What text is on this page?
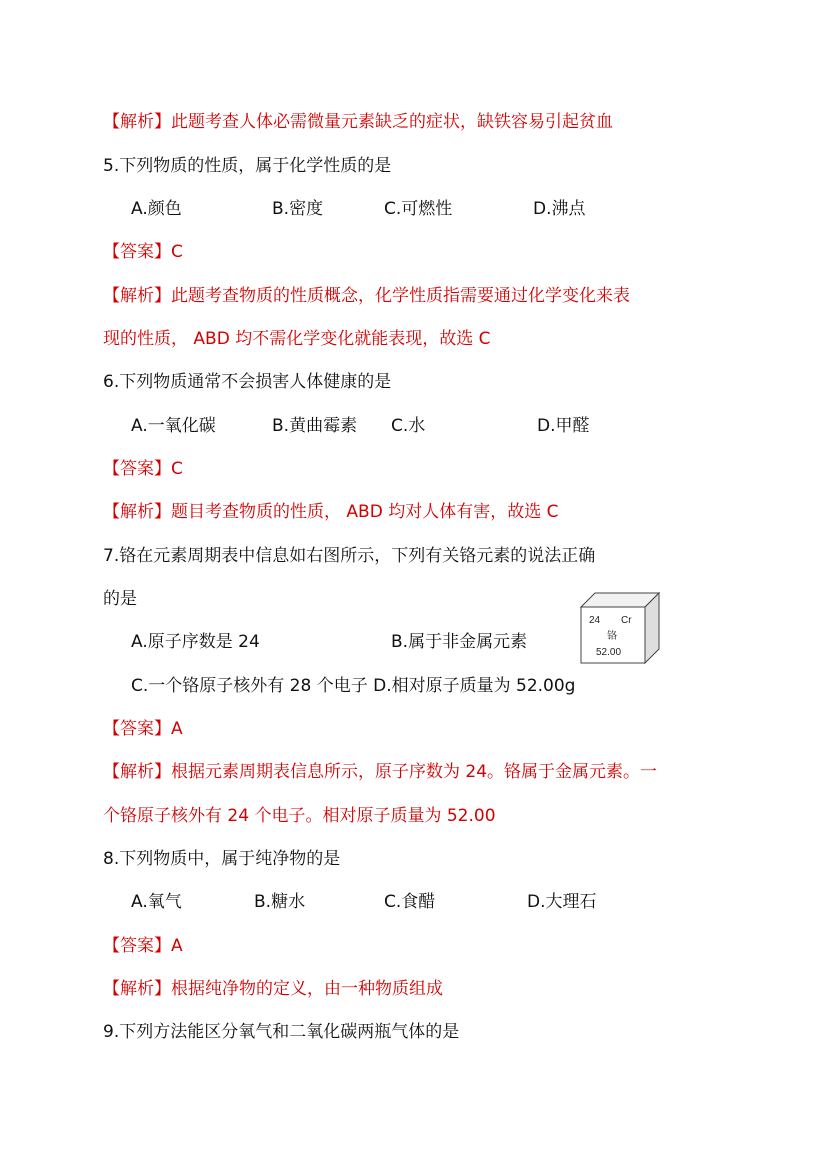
【解析】此题考查人体必需微量元素缺乏的症状，缺铁容易引起贫血
5.下列物质的性质，属于化学性质的是
A.颜色	B.密度	C.可燃性	D.沸点
【答案】C
【解析】此题考查物质的性质概念，化学性质指需要通过化学变化来表
现的性质， ABD 均不需化学变化就能表现，故选 C
6.下列物质通常不会损害人体健康的是
A.一氧化碳	B.黄曲霉素 C.水	D.甲醛
【答案】C
【解析】题目考查物质的性质， ABD 均对人体有害，故选 C
7.铬在元素周期表中信息如右图所示，下列有关铬元素的说法正确
的是
A.原子序数是 24	B.属于非金属元素
C.一个铬原子核外有 28 个电子 D.相对原子质量为 52.00g
24 Cr
铬
52.00
【答案】A
【解析】根据元素周期表信息所示，原子序数为 24。铬属于金属元素。一
个铬原子核外有 24 个电子。相对原子质量为 52.00
8.下列物质中，属于纯净物的是
A.氧气	B.糖水	C.食醋	D.大理石
【答案】A
【解析】根据纯净物的定义，由一种物质组成
9.下列方法能区分氧气和二氧化碳两瓶气体的是
